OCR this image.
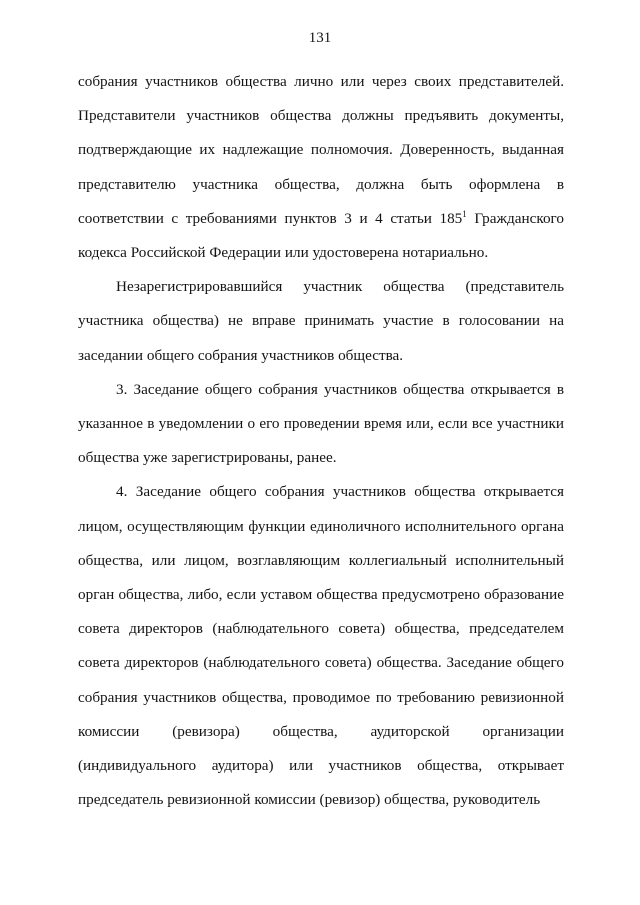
131

собрания участников общества лично или через своих представителей. Представители участников общества должны предъявить документы, подтверждающие их надлежащие полномочия. Доверенность, выданная представителю участника общества, должна быть оформлена в соответствии с требованиями пунктов 3 и 4 статьи $185^1$ Гражданского кодекса Российской Федерации или удостоверена нотариально.

Незарегистрировавшийся участник общества (представитель участника общества) не вправе принимать участие в голосовании на заседании общего собрания участников общества.

3. Заседание общего собрания участников общества открывается в указанное в уведомлении о его проведении время или, если все участники общества уже зарегистрированы, ранее.

4. Заседание общего собрания участников общества открывается лицом, осуществляющим функции единоличного исполнительного органа общества, или лицом, возглавляющим коллегиальный исполнительный орган общества, либо, если уставом общества предусмотрено образование совета директоров (наблюдательного совета) общества, председателем совета директоров (наблюдательного совета) общества. Заседание общего собрания участников общества, проводимое по требованию ревизионной комиссии (ревизора) общества, аудиторской организации (индивидуального аудитора) или участников общества, открывает председатель ревизионной комиссии (ревизор) общества, руководитель
